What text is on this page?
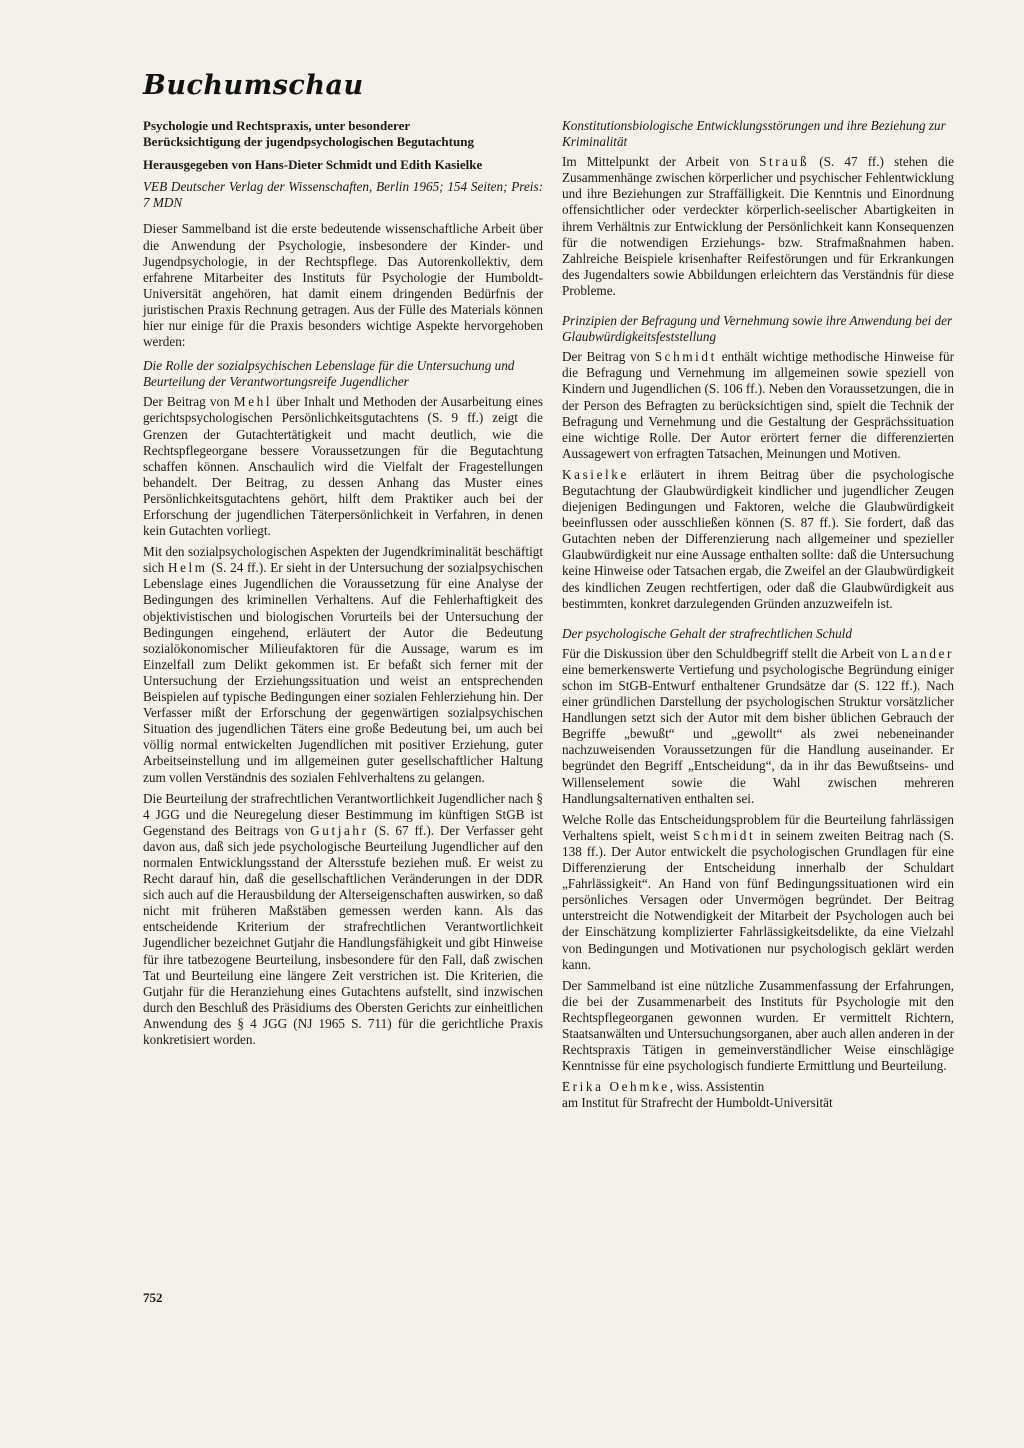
Buchumschau
Psychologie und Rechtspraxis, unter besonderer Berücksichtigung der jugendpsychologischen Begutachtung
Herausgegeben von Hans-Dieter Schmidt und Edith Kasielke
VEB Deutscher Verlag der Wissenschaften, Berlin 1965; 154 Seiten; Preis: 7 MDN

Dieser Sammelband ist die erste bedeutende wissenschaftliche Arbeit über die Anwendung der Psychologie, insbesondere der Kinder- und Jugendpsychologie, in der Rechtspflege. Das Autorenkollektiv, dem erfahrene Mitarbeiter des Instituts für Psychologie der Humboldt-Universität angehören, hat damit einem dringenden Bedürfnis der juristischen Praxis Rechnung getragen. Aus der Fülle des Materials können hier nur einige für die Praxis besonders wichtige Aspekte hervorgehoben werden:

Die Rolle der sozialpsychischen Lebenslage für die Untersuchung und Beurteilung der Verantwortungsreife Jugendlicher

Der Beitrag von Mehl über Inhalt und Methoden der Ausarbeitung eines gerichtspsychologischen Persönlichkeitsgutachtens (S. 9 ff.) zeigt die Grenzen der Gutachtertätigkeit und macht deutlich, wie die Rechtspflegeorgane bessere Voraussetzungen für die Begutachtung schaffen können. Anschaulich wird die Vielfalt der Fragestellungen behandelt. Der Beitrag, zu dessen Anhang das Muster eines Persönlichkeitsgutachtens gehört, hilft dem Praktiker auch bei der Erforschung der jugendlichen Täterpersönlichkeit in Verfahren, in denen kein Gutachten vorliegt.

Mit den sozialpsychologischen Aspekten der Jugendkriminalität beschäftigt sich Helm (S. 24 ff.). Er sieht in der Untersuchung der sozialpsychischen Lebenslage eines Jugendlichen die Voraussetzung für eine Analyse der Bedingungen des kriminellen Verhaltens. Auf die Fehlerhaftigkeit des objektivistischen und biologischen Vorurteils bei der Untersuchung der Bedingungen eingehend, erläutert der Autor die Bedeutung sozialökonomischer Milieufaktoren für die Aussage, warum es im Einzelfall zum Delikt gekommen ist. Er befaßt sich ferner mit der Untersuchung der Erziehungssituation und weist an entsprechenden Beispielen auf typische Bedingungen einer sozialen Fehlerziehung hin. Der Verfasser mißt der Erforschung der gegenwärtigen sozialpsychischen Situation des jugendlichen Täters eine große Bedeutung bei, um auch bei völlig normal entwickelten Jugendlichen mit positiver Erziehung, guter Arbeitseinstellung und im allgemeinen guter gesellschaftlicher Haltung zum vollen Verständnis des sozialen Fehlverhaltens zu gelangen.

Die Beurteilung der strafrechtlichen Verantwortlichkeit Jugendlicher nach § 4 JGG und die Neuregelung dieser Bestimmung im künftigen StGB ist Gegenstand des Beitrags von Gutjahr (S. 67 ff.). Der Verfasser geht davon aus, daß sich jede psychologische Beurteilung Jugendlicher auf den normalen Entwicklungsstand der Altersstufe beziehen muß. Er weist zu Recht darauf hin, daß die gesellschaftlichen Veränderungen in der DDR sich auch auf die Herausbildung der Alterseigenschaften auswirken, so daß nicht mit früheren Maßstäben gemessen werden kann. Als das entscheidende Kriterium der strafrechtlichen Verantwortlichkeit Jugendlicher bezeichnet Gutjahr die Handlungsfähigkeit und gibt Hinweise für ihre tatbezogene Beurteilung, insbesondere für den Fall, daß zwischen Tat und Beurteilung eine längere Zeit verstrichen ist. Die Kriterien, die Gutjahr für die Heranziehung eines Gutachtens aufstellt, sind inzwischen durch den Beschluß des Präsidiums des Obersten Gerichts zur einheitlichen Anwendung des § 4 JGG (NJ 1965 S. 711) für die gerichtliche Praxis konkretisiert worden.

Konstitutionsbiologische Entwicklungsstörungen und ihre Beziehung zur Kriminalität

Im Mittelpunkt der Arbeit von Strauß (S. 47 ff.) stehen die Zusammenhänge zwischen körperlicher und psychischer Fehlentwicklung und ihre Beziehungen zur Straffälligkeit. Die Kenntnis und Einordnung offensichtlicher oder verdeckter körperlich-seelischer Abartigkeiten in ihrem Verhältnis zur Entwicklung der Persönlichkeit kann Konsequenzen für die notwendigen Erziehungs- bzw. Strafmaßnahmen haben. Zahlreiche Beispiele krisenhafter Reifestörungen und für Erkrankungen des Jugendalters sowie Abbildungen erleichtern das Verständnis für diese Probleme.

Prinzipien der Befragung und Vernehmung sowie ihre Anwendung bei der Glaubwürdigkeitsfeststellung

Der Beitrag von Schmidt enthält wichtige methodische Hinweise für die Befragung und Vernehmung im allgemeinen sowie speziell von Kindern und Jugendlichen (S. 106 ff.). Neben den Voraussetzungen, die in der Person des Befragten zu berücksichtigen sind, spielt die Technik der Befragung und Vernehmung und die Gestaltung der Gesprächssituation eine wichtige Rolle. Der Autor erörtert ferner die differenzierten Aussagewert von erfragten Tatsachen, Meinungen und Motiven.

Kasielke erläutert in ihrem Beitrag über die psychologische Begutachtung der Glaubwürdigkeit kindlicher und jugendlicher Zeugen diejenigen Bedingungen und Faktoren, welche die Glaubwürdigkeit beeinflussen oder ausschließen können (S. 87 ff.). Sie fordert, daß das Gutachten neben der Differenzierung nach allgemeiner und spezieller Glaubwürdigkeit nur eine Aussage enthalten sollte: daß die Untersuchung keine Hinweise oder Tatsachen ergab, die Zweifel an der Glaubwürdigkeit des kindlichen Zeugen rechtfertigen, oder daß die Glaubwürdigkeit aus bestimmten, konkret darzulegenden Gründen anzuzweifeln ist.

Der psychologische Gehalt der strafrechtlichen Schuld

Für die Diskussion über den Schuldbegriff stellt die Arbeit von Lander eine bemerkenswerte Vertiefung und psychologische Begründung einiger schon im StGB-Entwurf enthaltener Grundsätze dar (S. 122 ff.). Nach einer gründlichen Darstellung der psychologischen Struktur vorsätzlicher Handlungen setzt sich der Autor mit dem bisher üblichen Gebrauch der Begriffe „bewußt“ und „gewollt“ als zwei nebeneinander nachzuweisenden Voraussetzungen für die Handlung auseinander. Er begründet den Begriff „Entscheidung“, da in ihr das Bewußtseins- und Willenselement sowie die Wahl zwischen mehreren Handlungsalternativen enthalten sei.

Welche Rolle das Entscheidungsproblem für die Beurteilung fahrlässigen Verhaltens spielt, weist Schmidt in seinem zweiten Beitrag nach (S. 138 ff.). Der Autor entwickelt die psychologischen Grundlagen für eine Differenzierung der Entscheidung innerhalb der Schuldart „Fahrlässigkeit“. An Hand von fünf Bedingungssituationen wird ein persönliches Versagen oder Unvermögen begründet. Der Beitrag unterstreicht die Notwendigkeit der Mitarbeit der Psychologen auch bei der Einschätzung komplizierter Fahrlässigkeitsdelikte, da eine Vielzahl von Bedingungen und Motivationen nur psychologisch geklärt werden kann.

Der Sammelband ist eine nützliche Zusammenfassung der Erfahrungen, die bei der Zusammenarbeit des Instituts für Psychologie mit den Rechtspflegeorganen gewonnen wurden. Er vermittelt Richtern, Staatsanwälten und Untersuchungsorganen, aber auch allen anderen in der Rechtspraxis Tätigen in gemeinverständlicher Weise einschlägige Kenntnisse für eine psychologisch fundierte Ermittlung und Beurteilung.

Erika Oehmke, wiss. Assistentin
am Institut für Strafrecht der Humboldt-Universität
752
